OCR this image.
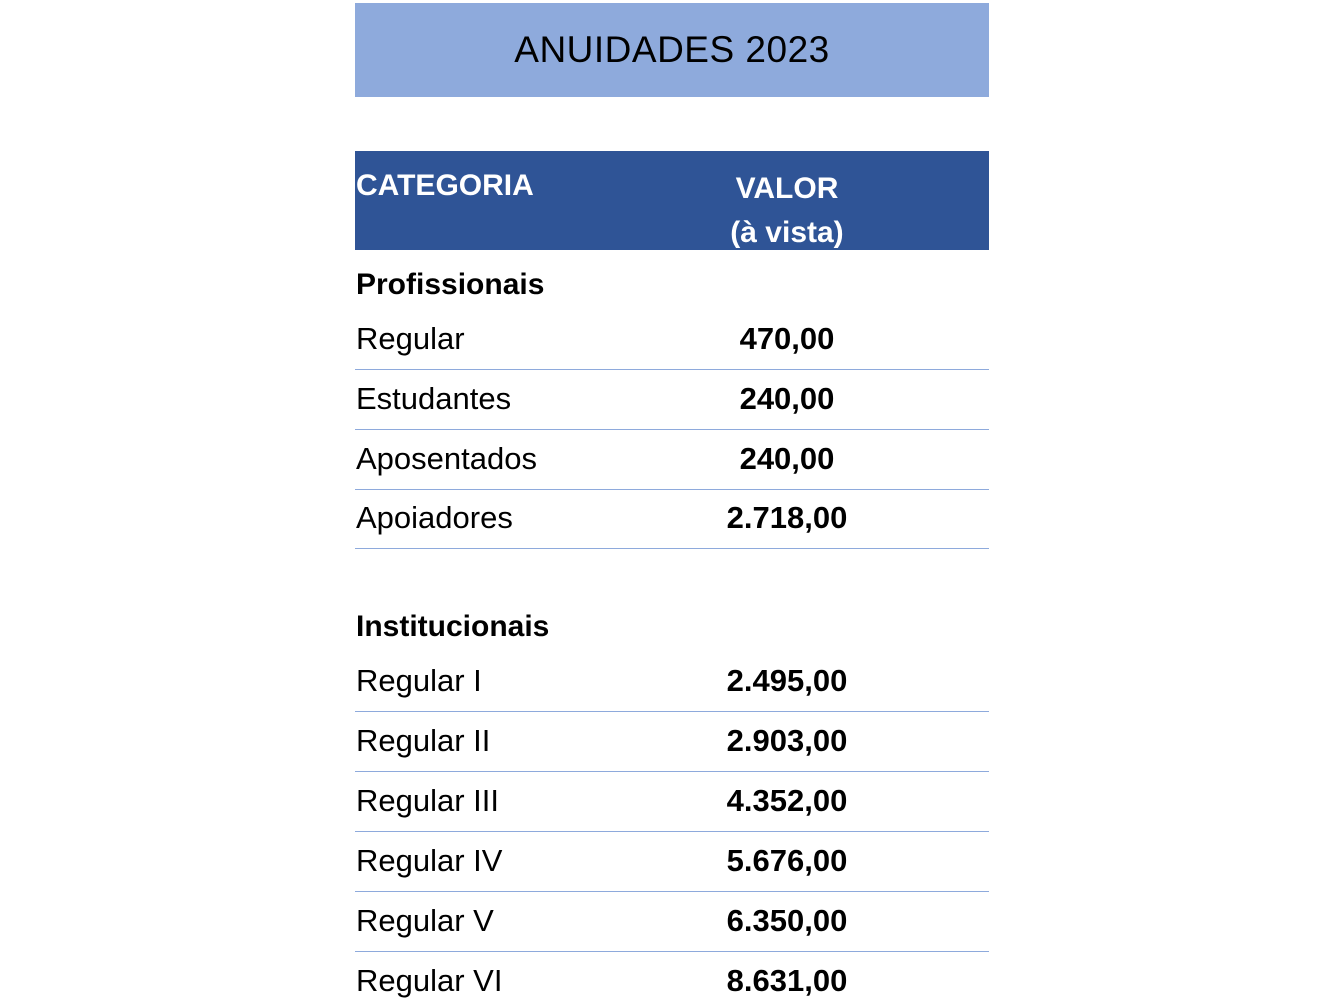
ANUIDADES 2023
CATEGORIA	VALOR
(à vista)
Profissionais
Regular	470,00
Estudantes	240,00
Aposentados	240,00
Apoiadores	2.718,00
Institucionais
Regular I	2.495,00
Regular II	2.903,00
Regular III	4.352,00
Regular IV	5.676,00
Regular V	6.350,00
Regular VI	8.631,00
